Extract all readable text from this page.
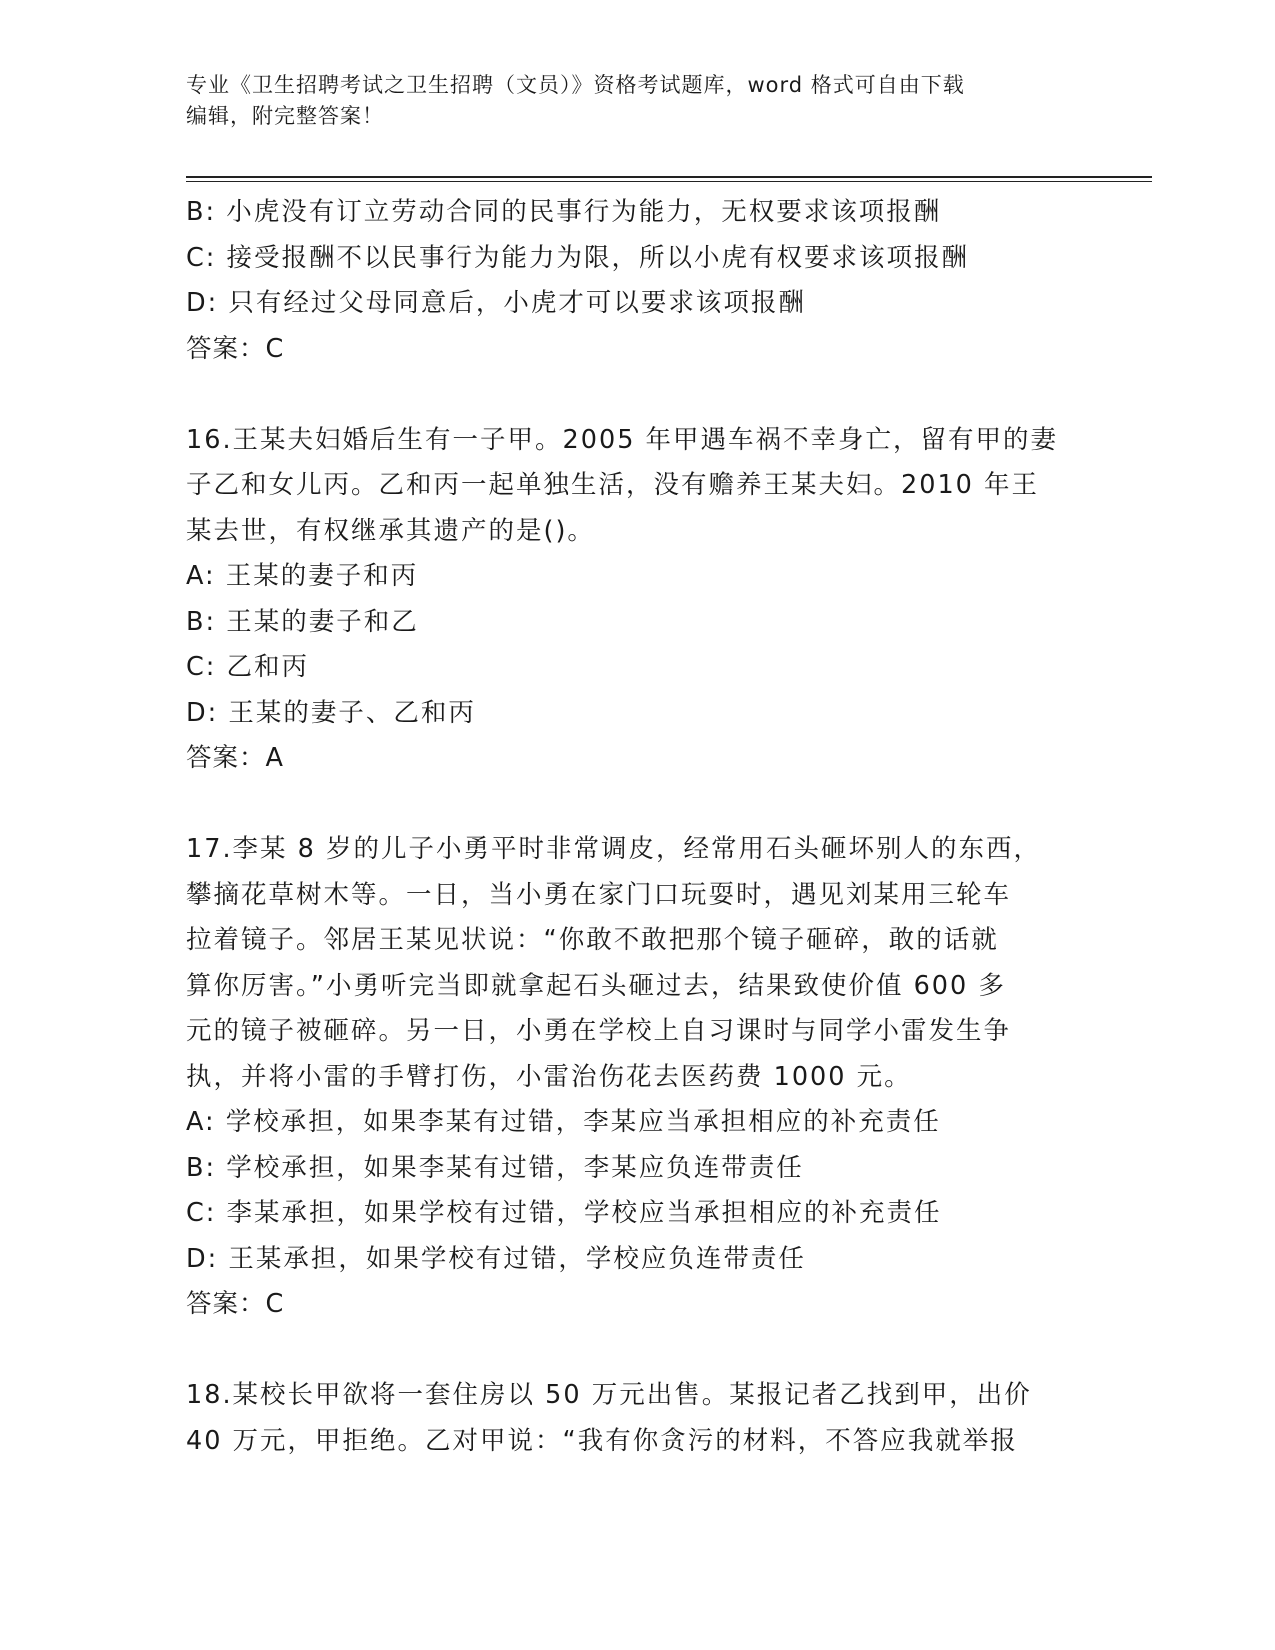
专业《卫生招聘考试之卫生招聘（文员）》资格考试题库，word 格式可自由下载
编辑，附完整答案！
B: 小虎没有订立劳动合同的民事行为能力，无权要求该项报酬
C: 接受报酬不以民事行为能力为限，所以小虎有权要求该项报酬
D: 只有经过父母同意后，小虎才可以要求该项报酬
答案：C
16.王某夫妇婚后生有一子甲。2005 年甲遇车祸不幸身亡，留有甲的妻
子乙和女儿丙。乙和丙一起单独生活，没有赡养王某夫妇。2010 年王
某去世，有权继承其遗产的是()。
A: 王某的妻子和丙
B: 王某的妻子和乙
C: 乙和丙
D: 王某的妻子、乙和丙
答案：A
17.李某 8 岁的儿子小勇平时非常调皮，经常用石头砸坏别人的东西，
攀摘花草树木等。一日，当小勇在家门口玩耍时，遇见刘某用三轮车
拉着镜子。邻居王某见状说：“你敢不敢把那个镜子砸碎，敢的话就
算你厉害。”小勇听完当即就拿起石头砸过去，结果致使价值 600 多
元的镜子被砸碎。另一日，小勇在学校上自习课时与同学小雷发生争
执，并将小雷的手臂打伤，小雷治伤花去医药费 1000 元。
A: 学校承担，如果李某有过错，李某应当承担相应的补充责任
B: 学校承担，如果李某有过错，李某应负连带责任
C: 李某承担，如果学校有过错，学校应当承担相应的补充责任
D: 王某承担，如果学校有过错，学校应负连带责任
答案：C
18.某校长甲欲将一套住房以 50 万元出售。某报记者乙找到甲，出价
40 万元，甲拒绝。乙对甲说：“我有你贪污的材料，不答应我就举报
